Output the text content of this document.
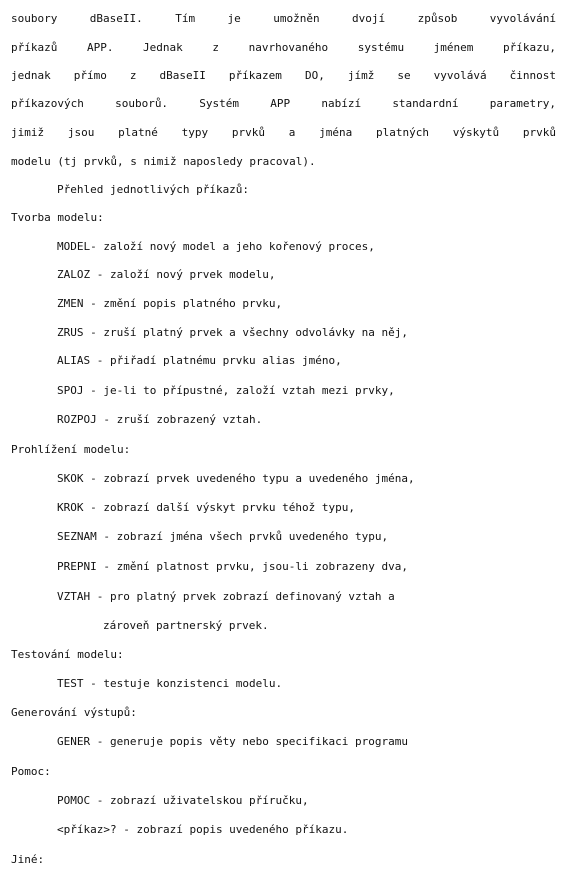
soubory dBaseII. Tím je umožněn dvojí způsob vyvolávání
příkazů APP. Jednak z navrhovaného systému jménem příkazu,
jednak přímo z dBaseII příkazem DO, jímž se vyvolává činnost
příkazových souborů. Systém APP nabízí standardní parametry,
jimiž jsou platné typy prvků a jména platných výskytů prvků
modelu (tj prvků, s nimiž naposledy pracoval).
Přehled jednotlivých příkazů:
Tvorba modelu:
MODEL- založí nový model a jeho kořenový proces,
ZALOZ - založí nový prvek modelu,
ZMEN - změní popis platného prvku,
ZRUS - zruší platný prvek a všechny odvolávky na něj,
ALIAS - přiřadí platnému prvku alias jméno,
SPOJ - je-li to přípustné, založí vztah mezi prvky,
ROZPOJ - zruší zobrazený vztah.
Prohlížení modelu:
SKOK - zobrazí prvek uvedeného typu a uvedeného jména,
KROK - zobrazí další výskyt prvku téhož typu,
SEZNAM - zobrazí jména všech prvků uvedeného typu,
PREPNI - změní platnost prvku, jsou-li zobrazeny dva,
VZTAH - pro platný prvek zobrazí definovaný vztah a
zároveň partnerský prvek.
Testování modelu:
TEST - testuje konzistenci modelu.
Generování výstupů:
GENER - generuje popis věty nebo specifikaci programu
Pomoc:
POMOC - zobrazí uživatelskou příručku,
<příkaz>? - zobrazí popis uvedeného příkazu.
Jiné:
